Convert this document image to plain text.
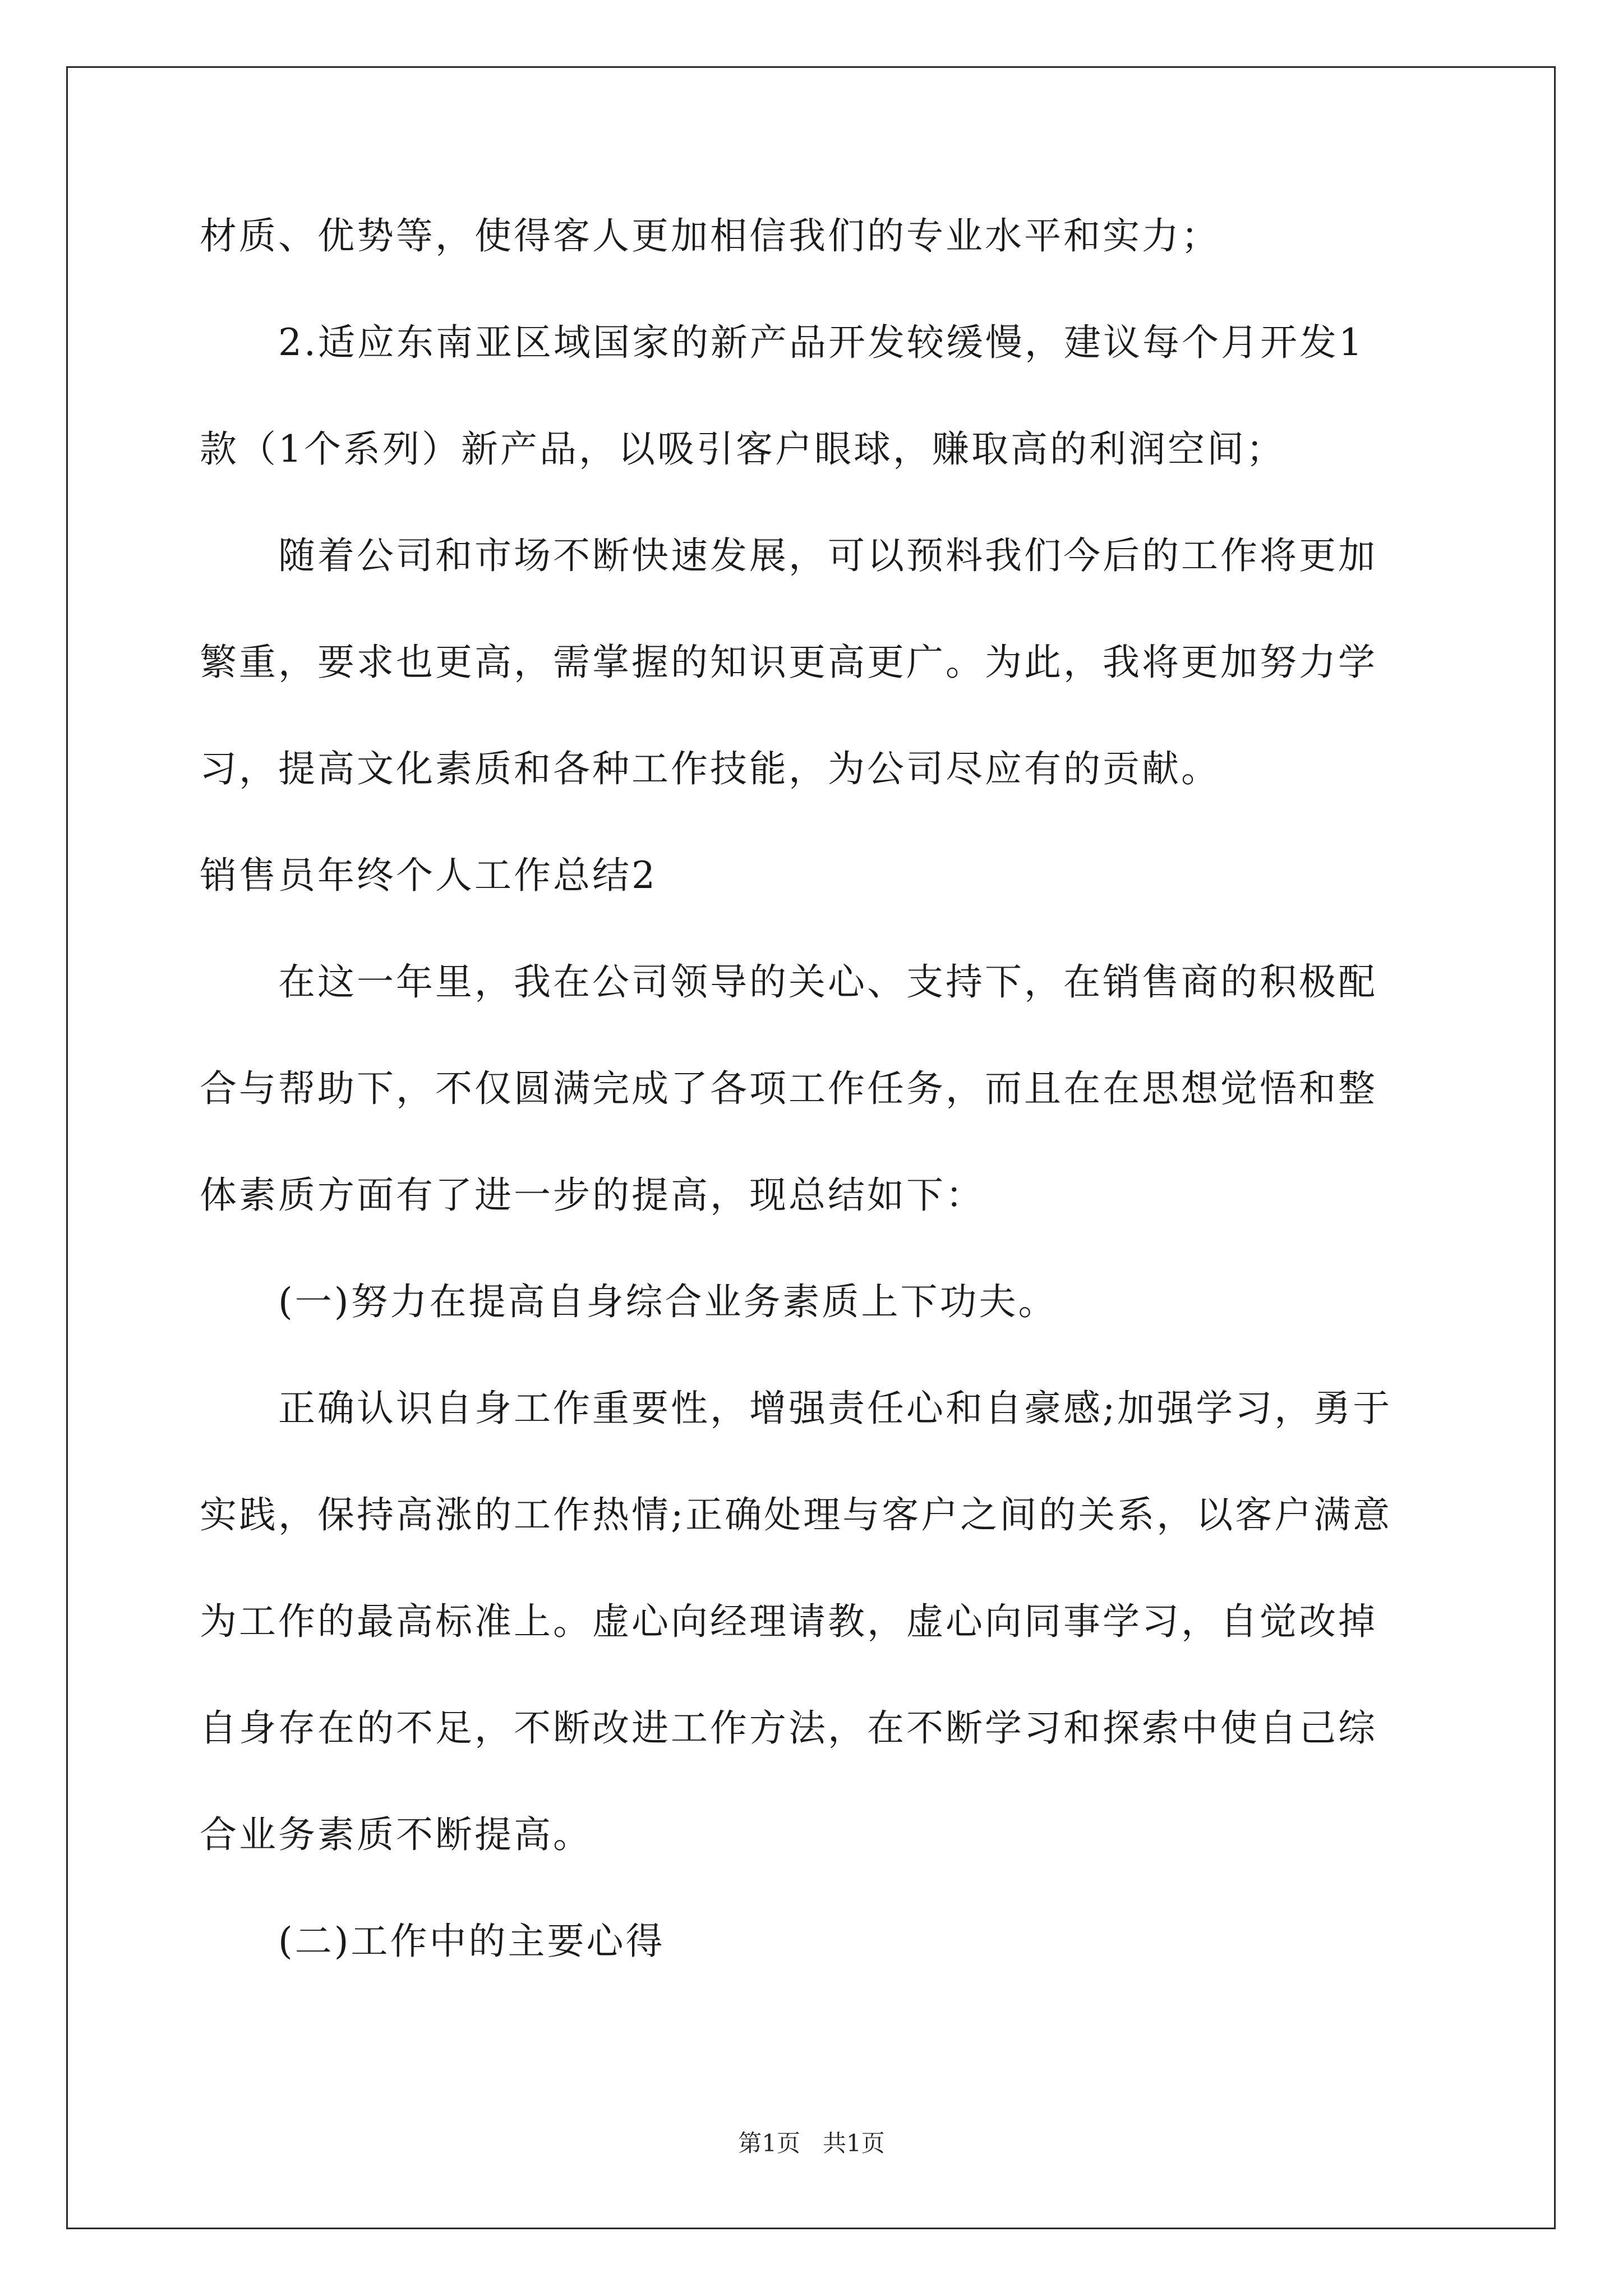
材质、优势等，使得客人更加相信我们的专业水平和实力；
2.适应东南亚区域国家的新产品开发较缓慢，建议每个月开发1
款（1个系列）新产品，以吸引客户眼球，赚取高的利润空间；
随着公司和市场不断快速发展，可以预料我们今后的工作将更加
繁重，要求也更高，需掌握的知识更高更广。为此，我将更加努力学
习，提高文化素质和各种工作技能，为公司尽应有的贡献。
销售员年终个人工作总结2
在这一年里，我在公司领导的关心、支持下，在销售商的积极配
合与帮助下，不仅圆满完成了各项工作任务，而且在在思想觉悟和整
体素质方面有了进一步的提高，现总结如下：
(一)努力在提高自身综合业务素质上下功夫。
正确认识自身工作重要性，增强责任心和自豪感;加强学习，勇于
实践，保持高涨的工作热情;正确处理与客户之间的关系，以客户满意
为工作的最高标准上。虚心向经理请教，虚心向同事学习，自觉改掉
自身存在的不足，不断改进工作方法，在不断学习和探索中使自己综
合业务素质不断提高。
(二)工作中的主要心得
第1页   共1页
